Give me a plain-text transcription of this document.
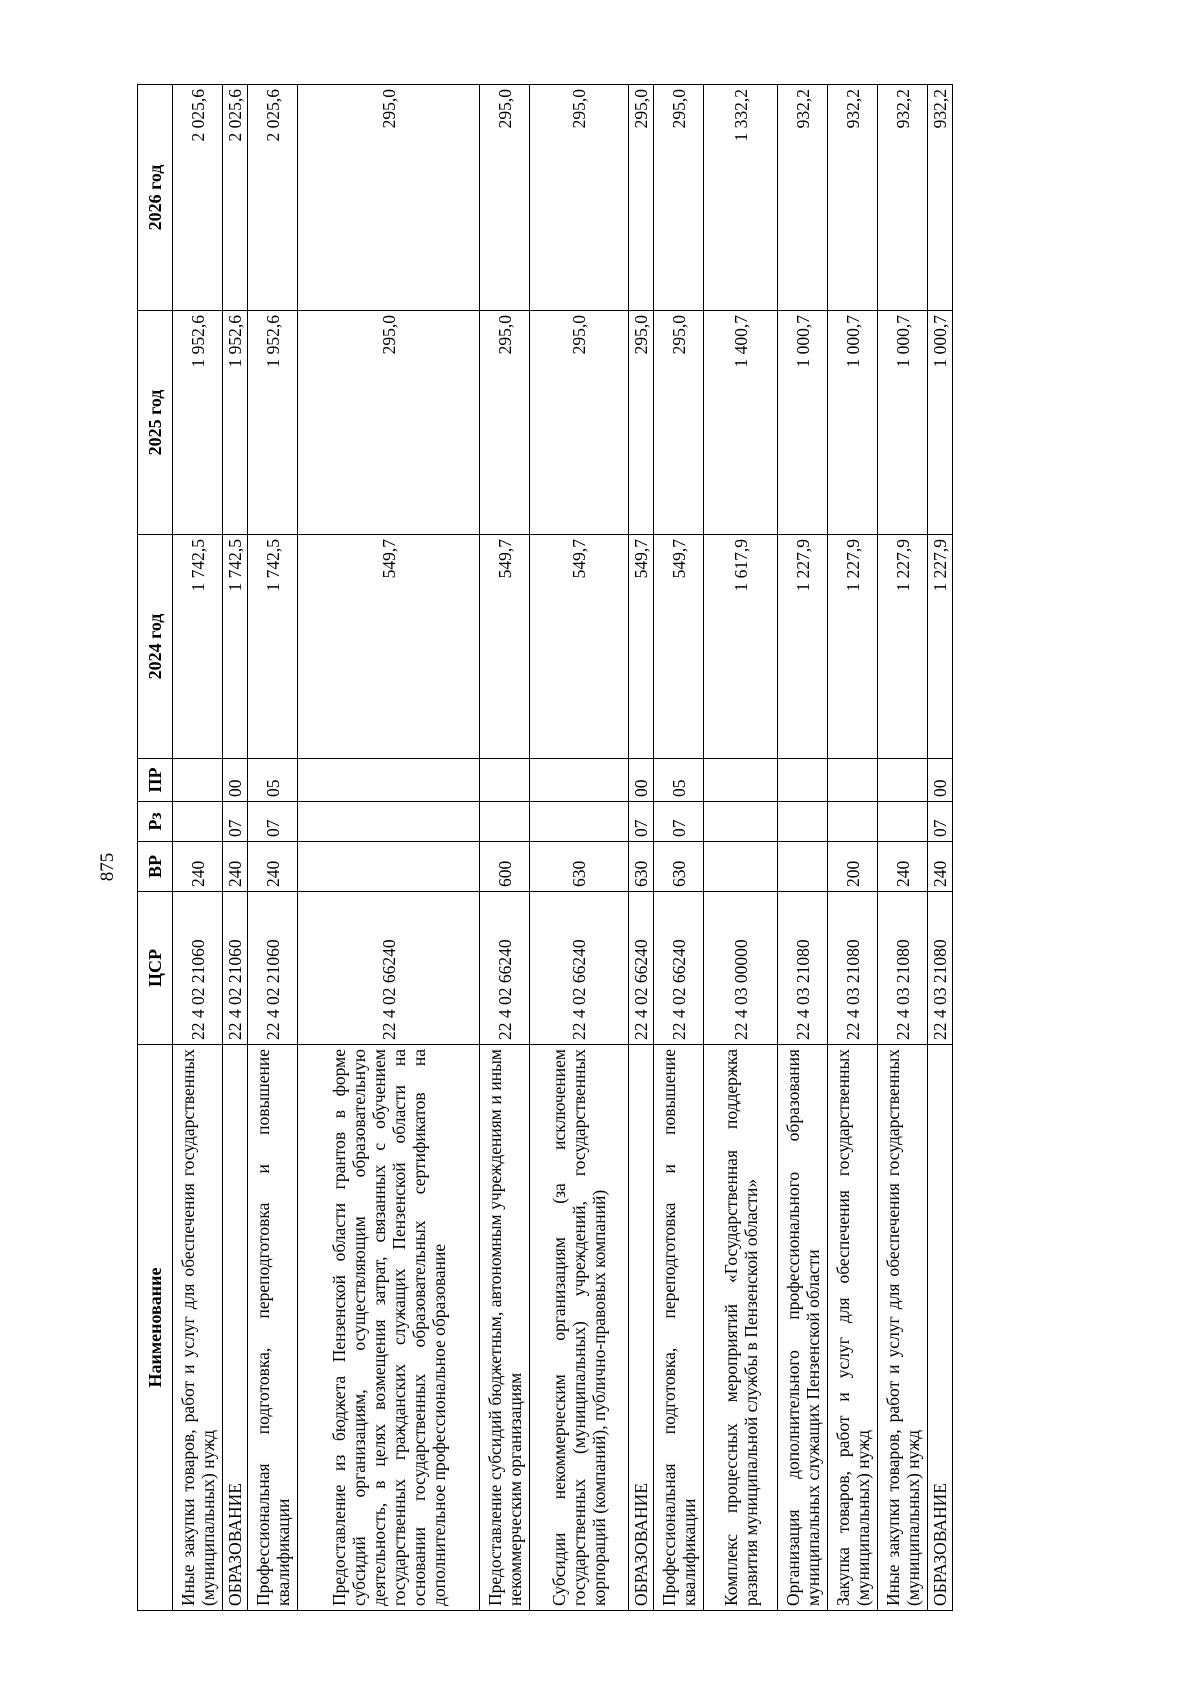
875
Наименование	ЦСР	ВР	Рз	ПР	2024 год	2025 год	2026 год
Иные закупки товаров, работ и услуг для обеспечения государственных (муниципальных) нужд	22 4 02 21060	240			1 742,5	1 952,6	2 025,6
ОБРАЗОВАНИЕ	22 4 02 21060	240	07	00	1 742,5	1 952,6	2 025,6
Профессиональная подготовка, переподготовка и повышение квалификации	22 4 02 21060	240	07	05	1 742,5	1 952,6	2 025,6
Предоставление из бюджета Пензенской области грантов в форме субсидий организациям, осуществляющим образовательную деятельность, в целях возмещения затрат, связанных с обучением государственных гражданских служащих Пензенской области на основании государственных образовательных сертификатов на дополнительное профессиональное образование	22 4 02 66240				549,7	295,0	295,0
Предоставление субсидий бюджетным, автономным учреждениям и иным некоммерческим организациям	22 4 02 66240	600			549,7	295,0	295,0
Субсидии некоммерческим организациям (за исключением государственных (муниципальных) учреждений, государственных корпораций (компаний), публично-правовых компаний)	22 4 02 66240	630			549,7	295,0	295,0
ОБРАЗОВАНИЕ	22 4 02 66240	630	07	00	549,7	295,0	295,0
Профессиональная подготовка, переподготовка и повышение квалификации	22 4 02 66240	630	07	05	549,7	295,0	295,0
Комплекс процессных мероприятий «Государственная поддержка развития муниципальной службы в Пензенской области»	22 4 03 00000				1 617,9	1 400,7	1 332,2
Организация дополнительного профессионального образования муниципальных служащих Пензенской области	22 4 03 21080				1 227,9	1 000,7	932,2
Закупка товаров, работ и услуг для обеспечения государственных (муниципальных) нужд	22 4 03 21080	200			1 227,9	1 000,7	932,2
Иные закупки товаров, работ и услуг для обеспечения государственных (муниципальных) нужд	22 4 03 21080	240			1 227,9	1 000,7	932,2
ОБРАЗОВАНИЕ	22 4 03 21080	240	07	00	1 227,9	1 000,7	932,2
